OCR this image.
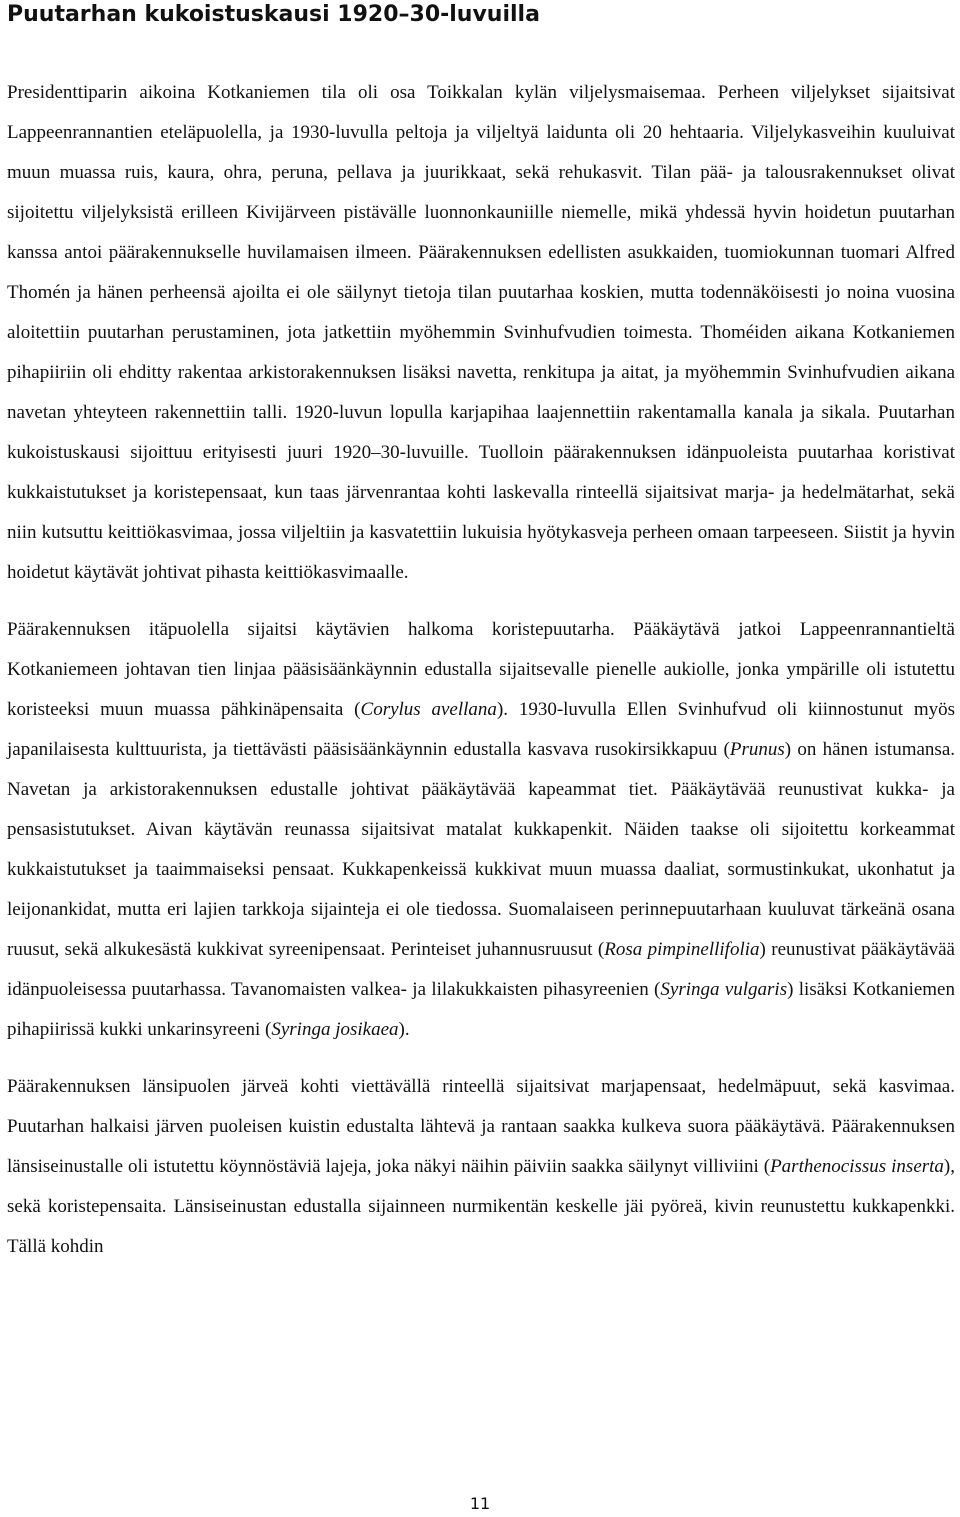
Puutarhan kukoistuskausi 1920–30-luvuilla

Presidenttiparin aikoina Kotkaniemen tila oli osa Toikkalan kylän viljelysmaisemaa. Perheen viljelykset sijaitsivat Lappeenrannantien eteläpuolella, ja 1930-luvulla peltoja ja viljeltyä laidunta oli 20 hehtaaria. Viljelykasveihin kuuluivat muun muassa ruis, kaura, ohra, peruna, pellava ja juurikkaat, sekä rehukasvit. Tilan pää- ja talousrakennukset olivat sijoitettu viljelyksistä erilleen Kivijärveen pistävälle luonnonkauniille niemelle, mikä yhdessä hyvin hoidetun puutarhan kanssa antoi päärakennukselle huvilamaisen ilmeen. Päärakennuksen edellisten asukkaiden, tuomiokunnan tuomari Alfred Thomén ja hänen perheensä ajoilta ei ole säilynyt tietoja tilan puutarhaa koskien, mutta todennäköisesti jo noina vuosina aloitettiin puutarhan perustaminen, jota jatkettiin myöhemmin Svinhufvudien toimesta. Thoméiden aikana Kotkaniemen pihapiiriin oli ehditty rakentaa arkistorakennuksen lisäksi navetta, renkitupa ja aitat, ja myöhemmin Svinhufvudien aikana navetan yhteyteen rakennettiin talli. 1920-luvun lopulla karjapihaa laajennettiin rakentamalla kanala ja sikala. Puutarhan kukoistuskausi sijoittuu erityisesti juuri 1920–30-luvuille. Tuolloin päärakennuksen idänpuoleista puutarhaa koristivat kukkaistutukset ja koristepensaat, kun taas järvenrantaa kohti laskevalla rinteellä sijaitsivat marja- ja hedelmätarhat, sekä niin kutsuttu keittiökasvimaa, jossa viljeltiin ja kasvatettiin lukuisia hyötykasveja perheen omaan tarpeeseen. Siistit ja hyvin hoidetut käytävät johtivat pihasta keittiökasvimaalle.

Päärakennuksen itäpuolella sijaitsi käytävien halkoma koristepuutarha. Pääkäytävä jatkoi Lappeenrannantieltä Kotkaniemeen johtavan tien linjaa pääsisäänkäynnin edustalla sijaitsevalle pienelle aukiolle, jonka ympärille oli istutettu koristeeksi muun muassa pähkinäpensaita (Corylus avellana). 1930-luvulla Ellen Svinhufvud oli kiinnostunut myös japanilaisesta kulttuurista, ja tiettävästi pääsisäänkäynnin edustalla kasvava rusokirsikkapuu (Prunus) on hänen istumansa. Navetan ja arkistorakennuksen edustalle johtivat pääkäytävää kapeammat tiet. Pääkäytävää reunustivat kukka- ja pensasistutukset. Aivan käytävän reunassa sijaitsivat matalat kukkapenkit. Näiden taakse oli sijoitettu korkeammat kukkaistutukset ja taaimmaiseksi pensaat. Kukkapenkeissä kukkivat muun muassa daaliat, sormustinkukat, ukonhatut ja leijonankidat, mutta eri lajien tarkkoja sijainteja ei ole tiedossa. Suomalaiseen perinnepuutarhaan kuuluvat tärkeänä osana ruusut, sekä alkukesästä kukkivat syreenipensaat. Perinteiset juhannusruusut (Rosa pimpinellifolia) reunustivat pääkäytävää idänpuoleisessa puutarhassa. Tavanomaisten valkea- ja lilakukkaisten pihasyreenien (Syringa vulgaris) lisäksi Kotkaniemen pihapiirissä kukki unkarinsyreeni (Syringa josikaea).

Päärakennuksen länsipuolen järveä kohti viettävällä rinteellä sijaitsivat marjapensaat, hedelmäpuut, sekä kasvimaa. Puutarhan halkaisi järven puoleisen kuistin edustalta lähtevä ja rantaan saakka kulkeva suora pääkäytävä. Päärakennuksen länsiseinustalle oli istutettu köynnöstäviä lajeja, joka näkyi näihin päiviin saakka säilynyt villiviini (Parthenocissus inserta), sekä koristepensaita. Länsiseinustan edustalla sijainneen nurmikentän keskelle jäi pyöreä, kivin reunustettu kukkapenkki. Tällä kohdin

11
